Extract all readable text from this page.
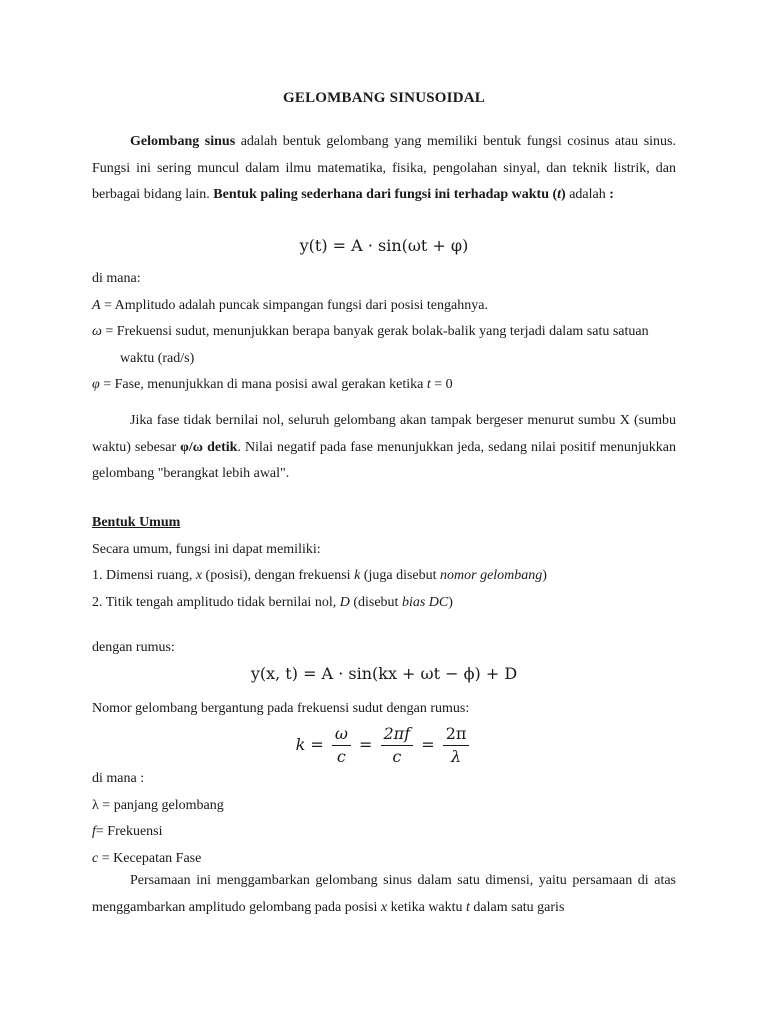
GELOMBANG SINUSOIDAL
Gelombang sinus adalah bentuk gelombang yang memiliki bentuk fungsi cosinus atau sinus. Fungsi ini sering muncul dalam ilmu matematika, fisika, pengolahan sinyal, dan teknik listrik, dan berbagai bidang lain. Bentuk paling sederhana dari fungsi ini terhadap waktu (t) adalah :
y(t) = A · sin(ωt + φ)
di mana:
A = Amplitudo adalah puncak simpangan fungsi dari posisi tengahnya.
ω = Frekuensi sudut, menunjukkan berapa banyak gerak bolak-balik yang terjadi dalam satu satuan waktu (rad/s)
φ = Fase, menunjukkan di mana posisi awal gerakan ketika t = 0
Jika fase tidak bernilai nol, seluruh gelombang akan tampak bergeser menurut sumbu X (sumbu waktu) sebesar φ/ω detik. Nilai negatif pada fase menunjukkan jeda, sedang nilai positif menunjukkan gelombang "berangkat lebih awal".
Bentuk Umum
Secara umum, fungsi ini dapat memiliki:
1. Dimensi ruang, x (posisi), dengan frekuensi k (juga disebut nomor gelombang)
2. Titik tengah amplitudo tidak bernilai nol, D (disebut bias DC)
dengan rumus:
y(x, t) = A · sin(kx + ωt − ϕ) + D
Nomor gelombang bergantung pada frekuensi sudut dengan rumus:
$k = \frac{\omega}{c} = \frac{2\pi f}{c} = \frac{2\pi}{\lambda}$
di mana :
λ = panjang gelombang
f= Frekuensi
c = Kecepatan Fase
Persamaan ini menggambarkan gelombang sinus dalam satu dimensi, yaitu persamaan di atas menggambarkan amplitudo gelombang pada posisi x ketika waktu t dalam satu garis
